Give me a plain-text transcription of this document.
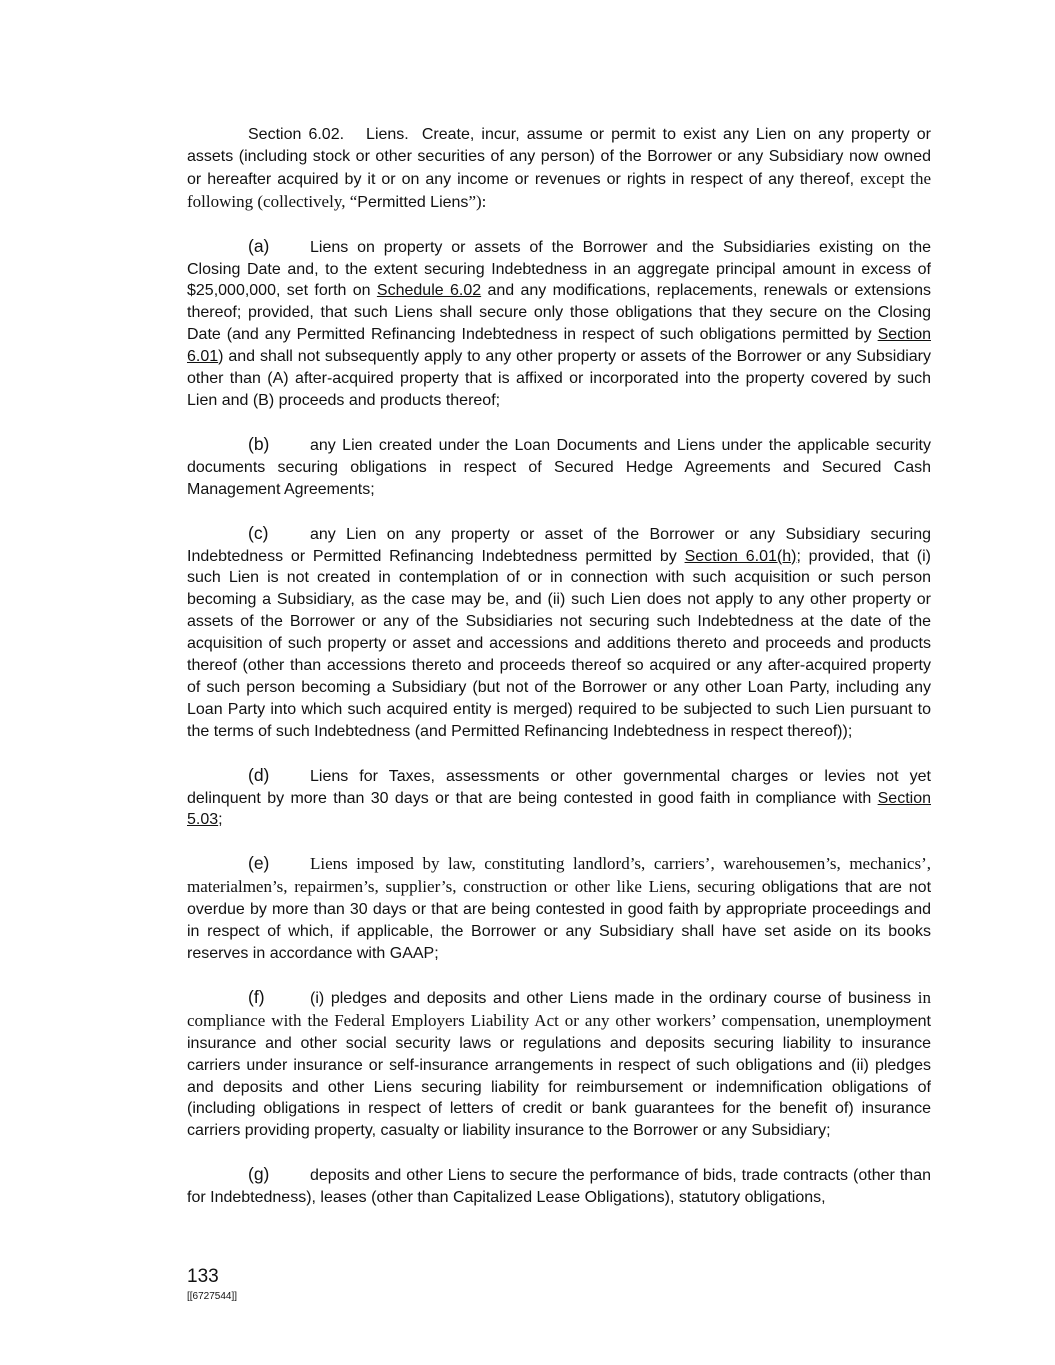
Section 6.02. Liens. Create, incur, assume or permit to exist any Lien on any property or assets (including stock or other securities of any person) of the Borrower or any Subsidiary now owned or hereafter acquired by it or on any income or revenues or rights in respect of any thereof, except the following (collectively, “Permitted Liens”):

(a)	Liens on property or assets of the Borrower and the Subsidiaries existing on the Closing Date and, to the extent securing Indebtedness in an aggregate principal amount in excess of $25,000,000, set forth on Schedule 6.02 and any modifications, replacements, renewals or extensions thereof; provided, that such Liens shall secure only those obligations that they secure on the Closing Date (and any Permitted Refinancing Indebtedness in respect of such obligations permitted by Section 6.01) and shall not subsequently apply to any other property or assets of the Borrower or any Subsidiary other than (A) after-acquired property that is affixed or incorporated into the property covered by such Lien and (B) proceeds and products thereof;

(b)	any Lien created under the Loan Documents and Liens under the applicable security documents securing obligations in respect of Secured Hedge Agreements and Secured Cash Management Agreements;

(c)	any Lien on any property or asset of the Borrower or any Subsidiary securing Indebtedness or Permitted Refinancing Indebtedness permitted by Section 6.01(h); provided, that (i) such Lien is not created in contemplation of or in connection with such acquisition or such person becoming a Subsidiary, as the case may be, and (ii) such Lien does not apply to any other property or assets of the Borrower or any of the Subsidiaries not securing such Indebtedness at the date of the acquisition of such property or asset and accessions and additions thereto and proceeds and products thereof (other than accessions thereto and proceeds thereof so acquired or any after-acquired property of such person becoming a Subsidiary (but not of the Borrower or any other Loan Party, including any Loan Party into which such acquired entity is merged) required to be subjected to such Lien pursuant to the terms of such Indebtedness (and Permitted Refinancing Indebtedness in respect thereof));

(d)	Liens for Taxes, assessments or other governmental charges or levies not yet delinquent by more than 30 days or that are being contested in good faith in compliance with Section 5.03;

(e) Liens imposed by law, constituting landlord’s, carriers’, warehousemen’s, mechanics’, materialmen’s, repairmen’s, supplier’s, construction or other like Liens, securing obligations that are not overdue by more than 30 days or that are being contested in good faith by appropriate proceedings and in respect of which, if applicable, the Borrower or any Subsidiary shall have set aside on its books reserves in accordance with GAAP;

(f)	(i) pledges and deposits and other Liens made in the ordinary course of business in compliance with the Federal Employers Liability Act or any other workers’ compensation, unemployment insurance and other social security laws or regulations and deposits securing liability to insurance carriers under insurance or self-insurance arrangements in respect of such obligations and (ii) pledges and deposits and other Liens securing liability for reimbursement or indemnification obligations of (including obligations in respect of letters of credit or bank guarantees for the benefit of) insurance carriers providing property, casualty or liability insurance to the Borrower or any Subsidiary;

(g)	deposits and other Liens to secure the performance of bids, trade contracts (other than for Indebtedness), leases (other than Capitalized Lease Obligations), statutory obligations,

133
[[6727544]]
